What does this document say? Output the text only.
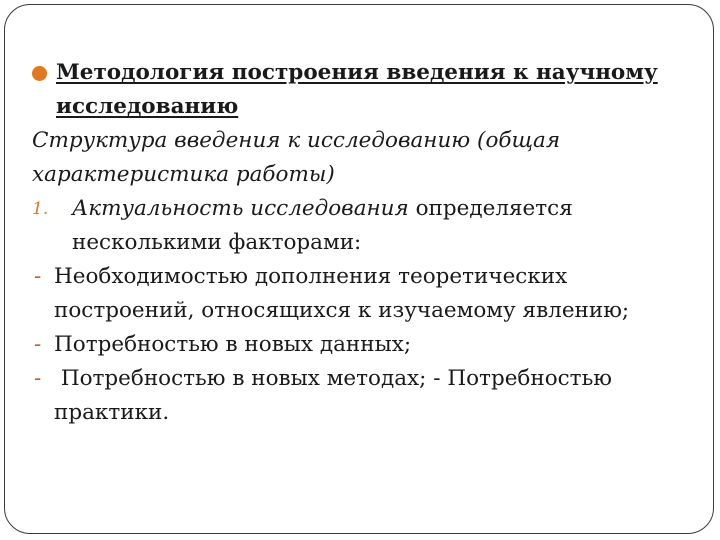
Методология построения введения к научному
исследованию
Структура введения к исследованию (общая
характеристика работы)
1. Актуальность исследования определяется
несколькими факторами:
- Необходимостью дополнения теоретических
построений, относящихся к изучаемому явлению;
- Потребностью в новых данных;
- Потребностью в новых методах; - Потребностью
практики.
